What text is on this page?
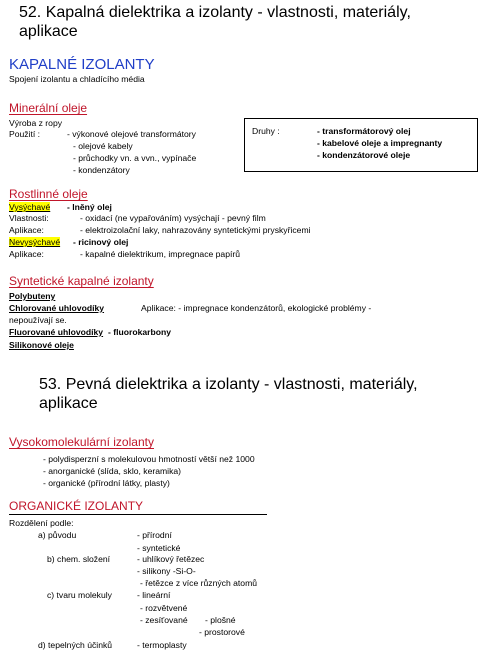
52. Kapalná dielektrika a izolanty - vlastnosti, materiály,
aplikace
KAPALNÉ IZOLANTY
Spojení izolantu a chladícího média
Minerální oleje
Výroba z ropy
Použití :	- výkonové olejové transformátory
- olejové kabely
- průchodky vn. a vvn., vypínače
- kondenzátory
Druhy :	- transformátorový olej
- kabelové oleje a impregnanty
- kondenzátorové oleje
Rostlinné oleje
Vysýchavé - lněný olej
Vlastnosti:	- oxidací (ne vypařováním) vysýchají - pevný film
Aplikace:	- elektroizolační laky, nahrazovány syntetickými pryskyřicemi
Nevysýchavé - ricinový olej
Aplikace:	- kapalné dielektrikum, impregnace papírů
Syntetické kapalné izolanty
Polybuteny
Chlorované uhlovodíky	Aplikace: - impregnace kondenzátorů, ekologické problémy -
nepoužívají se.
Fluorované uhlovodíky - fluorokarbony
Silikonové oleje
53. Pevná dielektrika a izolanty - vlastnosti, materiály,
aplikace
Vysokomolekulární izolanty
- polydisperzní s molekulovou hmotností větší než 1000
- anorganické (slída, sklo, keramika)
- organické (přírodní látky, plasty)
ORGANICKÉ IZOLANTY
Rozdělení podle:
a) původu	- přírodní
- syntetické
b) chem. složení	- uhlíkový řetězec
- silikony -Si-O-
- řetězce z více různých atomů
c) tvaru molekuly	- lineární
- rozvětvené
- zesíťované - plošné
- prostorové
d) tepelných účinků	- termoplasty
